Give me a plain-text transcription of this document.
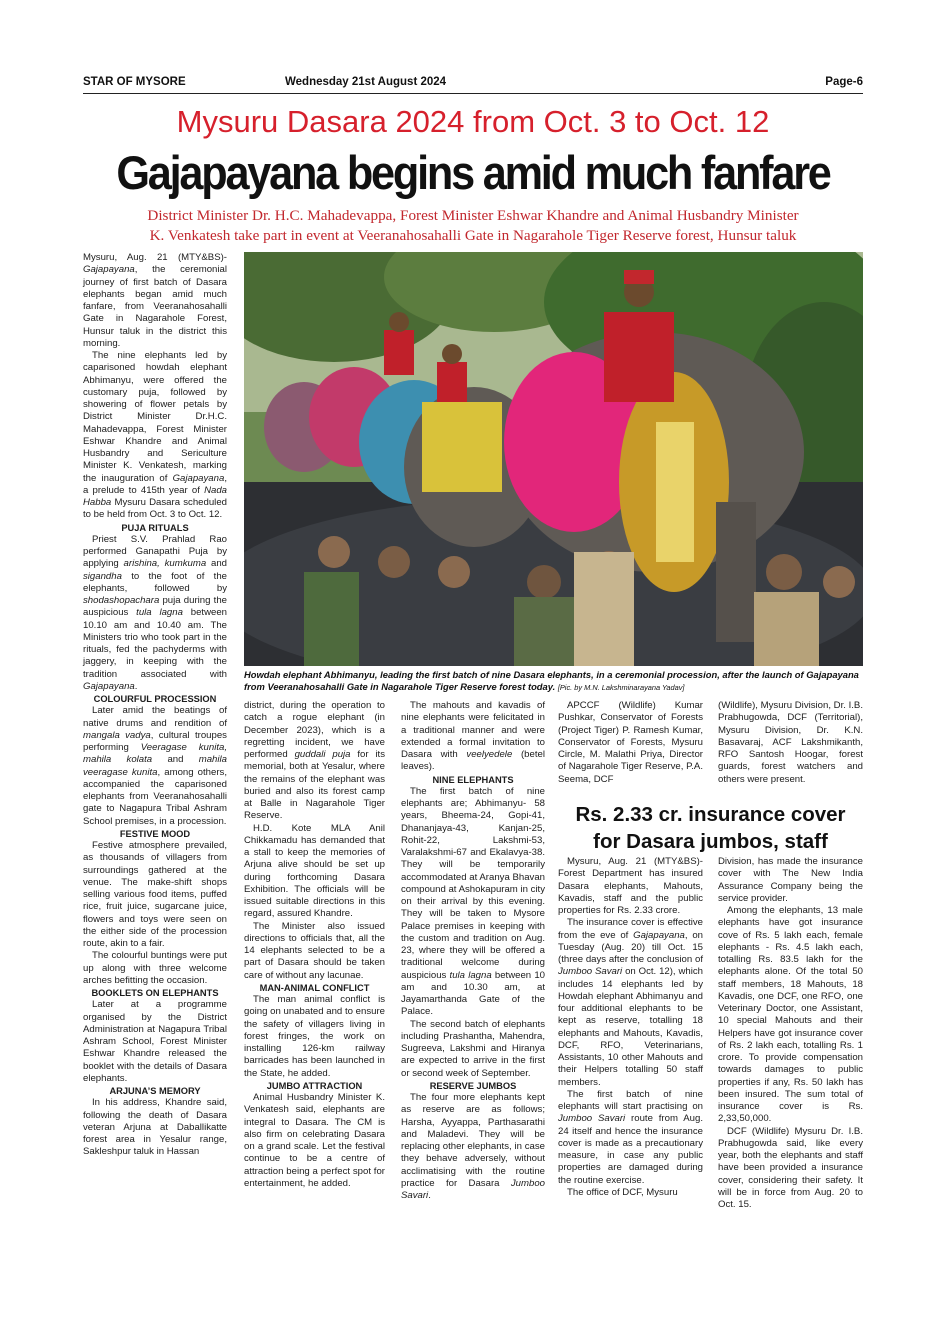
STAR OF MYSORE	Wednesday 21st August 2024	Page-6
Mysuru Dasara 2024 from Oct. 3 to Oct. 12
Gajapayana begins amid much fanfare
District Minister Dr. H.C. Mahadevappa, Forest Minister Eshwar Khandre and Animal Husbandry Minister
K. Venkatesh take part in event at Veeranahosahalli Gate in Nagarahole Tiger Reserve forest, Hunsur taluk

Mysuru, Aug. 21 (MTY&BS)-Gajapayana, the ceremonial journey of first batch of Dasara elephants began amid much fanfare, from Veeranahosahalli Gate in Nagarahole Forest, Hunsur taluk in the district this morning.

The nine elephants led by caparisoned howdah elephant Abhimanyu, were offered the customary puja, followed by showering of flower petals by District Minister Dr.H.C. Mahadevappa, Forest Minister Eshwar Khandre and Animal Husbandry and Sericulture Minister K. Venkatesh, marking the inauguration of Gajapayana, a prelude to 415th year of Nada Habba Mysuru Dasara scheduled to be held from Oct. 3 to Oct. 12.

PUJA RITUALS

Priest S.V. Prahlad Rao performed Ganapathi Puja by applying arishina, kumkuma and sigandha to the foot of the elephants, followed by shodashopachara puja during the auspicious tula lagna between 10.10 am and 10.40 am. The Ministers trio who took part in the rituals, fed the pachyderms with jaggery, in keeping with the tradition associated with Gajapayana.

COLOURFUL PROCESSION

Later amid the beatings of native drums and rendition of mangala vadya, cultural troupes performing Veeragase kunita, mahila kolata and mahila veeragase kunita, among others, accompanied the caparisoned elephants from Veeranahosahalli gate to Nagapura Tribal Ashram School premises, in a procession.

FESTIVE MOOD

Festive atmosphere prevailed, as thousands of villagers from surroundings gathered at the venue. The make-shift shops selling various food items, puffed rice, fruit juice, sugarcane juice, flowers and toys were seen on the either side of the procession route, akin to a fair.

The colourful buntings were put up along with three welcome arches befitting the occasion.

BOOKLETS ON ELEPHANTS

Later at a programme organised by the District Administration at Nagapura Tribal Ashram School, Forest Minister Eshwar Khandre released the booklet with the details of Dasara elephants.

ARJUNA’S MEMORY

In his address, Khandre said, following the death of Dasara veteran Arjuna at Daballikatte forest area in Yesalur range, Sakleshpur taluk in Hassan

Howdah elephant Abhimanyu, leading the first batch of nine Dasara elephants, in a ceremonial procession, after the launch of Gajapayana from Veeranahosahalli Gate in Nagarahole Tiger Reserve forest today. [Pic. by M.N. Lakshminarayana Yadav]

district, during the operation to catch a rogue elephant (in December 2023), which is a regretting incident, we have performed guddali puja for its memorial, both at Yesalur, where the remains of the elephant was buried and also its forest camp at Balle in Nagarahole Tiger Reserve.

H.D. Kote MLA Anil Chikkamadu has demanded that a stall to keep the memories of Arjuna alive should be set up during forthcoming Dasara Exhibition. The officials will be issued suitable directions in this regard, assured Khandre.

The Minister also issued directions to officials that, all the 14 elephants selected to be a part of Dasara should be taken care of without any lacunae.

MAN-ANIMAL CONFLICT

The man animal conflict is going on unabated and to ensure the safety of villagers living in forest fringes, the work on installing 126-km railway barricades has been launched in the State, he added.

JUMBO ATTRACTION

Animal Husbandry Minister K. Venkatesh said, elephants are integral to Dasara. The CM is also firm on celebrating Dasara on a grand scale. Let the festival continue to be a centre of attraction being a perfect spot for entertainment, he added.

The mahouts and kavadis of nine elephants were felicitated in a traditional manner and were extended a formal invitation to Dasara with veelyedele (betel leaves).

NINE ELEPHANTS

The first batch of nine elephants are; Abhimanyu- 58 years, Bheema-24, Gopi-41, Dhananjaya-43, Kanjan-25, Rohit-22, Lakshmi-53, Varalakshmi-67 and Ekalavya-38. They will be temporarily accommodated at Aranya Bhavan compound at Ashokapuram in city on their arrival by this evening. They will be taken to Mysore Palace premises in keeping with the custom and tradition on Aug. 23, where they will be offered a traditional welcome during auspicious tula lagna between 10 am and 10.30 am, at Jayamarthanda Gate of the Palace.

The second batch of elephants including Prashantha, Mahendra, Sugreeva, Lakshmi and Hiranya are expected to arrive in the first or second week of September.

RESERVE JUMBOS

The four more elephants kept as reserve are as follows; Harsha, Ayyappa, Parthasarathi and Maladevi. They will be replacing other elephants, in case they behave adversely, without acclimatising with the routine practice for Dasara Jumboo Savari.

APCCF (Wildlife) Kumar Pushkar, Conservator of Forests (Project Tiger) P. Ramesh Kumar, Conservator of Forests, Mysuru Circle, M. Malathi Priya, Director of Nagarahole Tiger Reserve, P.A. Seema, DCF

(Wildlife), Mysuru Division, Dr. I.B. Prabhugowda, DCF (Territorial), Mysuru Division, Dr. K.N. Basavaraj, ACF Lakshmikanth, RFO Santosh Hoogar, forest guards, forest watchers and others were present.

Rs. 2.33 cr. insurance cover
for Dasara jumbos, staff

Mysuru, Aug. 21 (MTY&BS)- Forest Department has insured Dasara elephants, Mahouts, Kavadis, staff and the public properties for Rs. 2.33 crore.

The insurance cover is effective from the eve of Gajapayana, on Tuesday (Aug. 20) till Oct. 15 (three days after the conclusion of Jumboo Savari on Oct. 12), which includes 14 elephants led by Howdah elephant Abhimanyu and four additional elephants to be kept as reserve, totalling 18 elephants and Mahouts, Kavadis, DCF, RFO, Veterinarians, Assistants, 10 other Mahouts and their Helpers totalling 50 staff members.

The first batch of nine elephants will start practising on Jumboo Savari route from Aug. 24 itself and hence the insurance cover is made as a precautionary measure, in case any public properties are damaged during the routine exercise.

The office of DCF, Mysuru

Division, has made the insurance cover with The New India Assurance Company being the service provider.

Among the elephants, 13 male elephants have got insurance cove of Rs. 5 lakh each, female elephants - Rs. 4.5 lakh each, totalling Rs. 83.5 lakh for the elephants alone. Of the total 50 staff members, 18 Mahouts, 18 Kavadis, one DCF, one RFO, one Veterinary Doctor, one Assistant, 10 special Mahouts and their Helpers have got insurance cover of Rs. 2 lakh each, totalling Rs. 1 crore. To provide compensation towards damages to public properties if any, Rs. 50 lakh has been insured. The sum total of insurance cover is Rs. 2,33,50,000.

DCF (Wildlife) Mysuru Dr. I.B. Prabhugowda said, like every year, both the elephants and staff have been provided a insurance cover, considering their safety. It will be in force from Aug. 20 to Oct. 15.
